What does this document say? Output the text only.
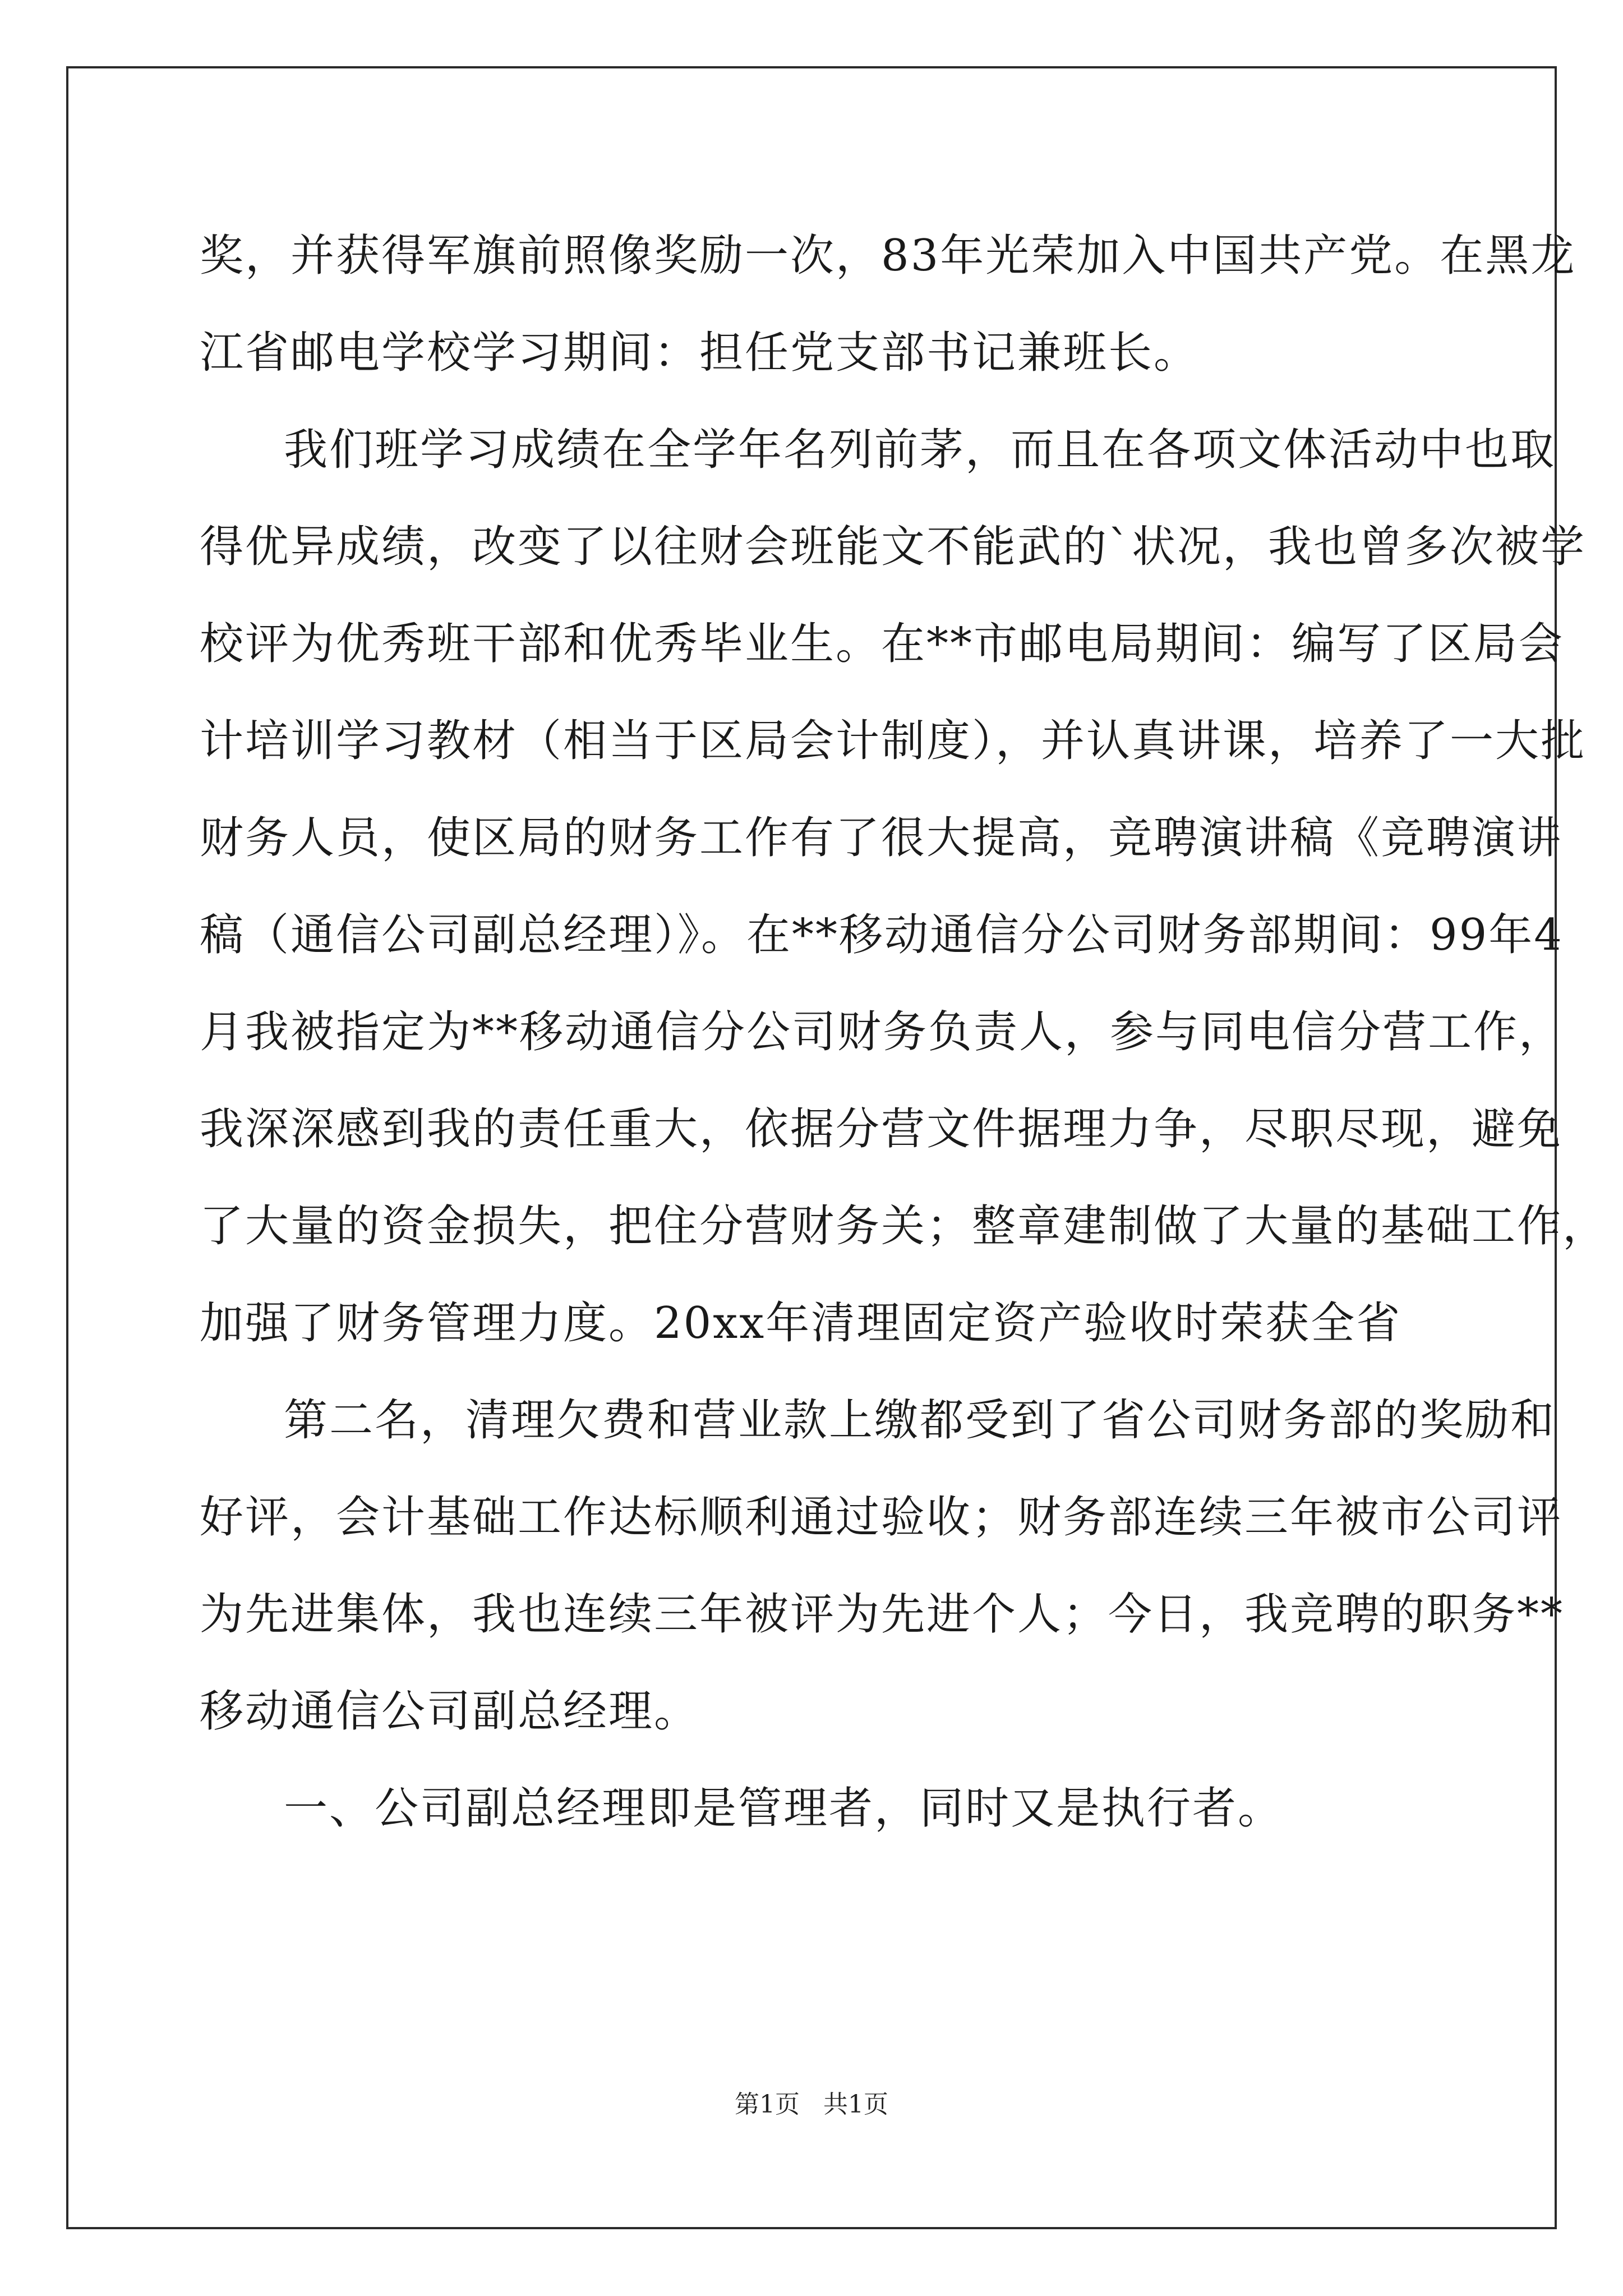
奖，并获得军旗前照像奖励一次，83年光荣加入中国共产党。在黑龙
江省邮电学校学习期间：担任党支部书记兼班长。
我们班学习成绩在全学年名列前茅，而且在各项文体活动中也取
得优异成绩，改变了以往财会班能文不能武的`状况，我也曾多次被学
校评为优秀班干部和优秀毕业生。在**市邮电局期间：编写了区局会
计培训学习教材（相当于区局会计制度），并认真讲课，培养了一大批
财务人员，使区局的财务工作有了很大提高，竞聘演讲稿《竞聘演讲
稿（通信公司副总经理）》。在**移动通信分公司财务部期间：99年4
月我被指定为**移动通信分公司财务负责人，参与同电信分营工作，
我深深感到我的责任重大，依据分营文件据理力争，尽职尽现，避免
了大量的资金损失，把住分营财务关；整章建制做了大量的基础工作，
加强了财务管理力度。20xx年清理固定资产验收时荣获全省
第二名，清理欠费和营业款上缴都受到了省公司财务部的奖励和
好评，会计基础工作达标顺利通过验收；财务部连续三年被市公司评
为先进集体，我也连续三年被评为先进个人；今日，我竞聘的职务**
移动通信公司副总经理。
一、公司副总经理即是管理者，同时又是执行者。
第1页 共1页
